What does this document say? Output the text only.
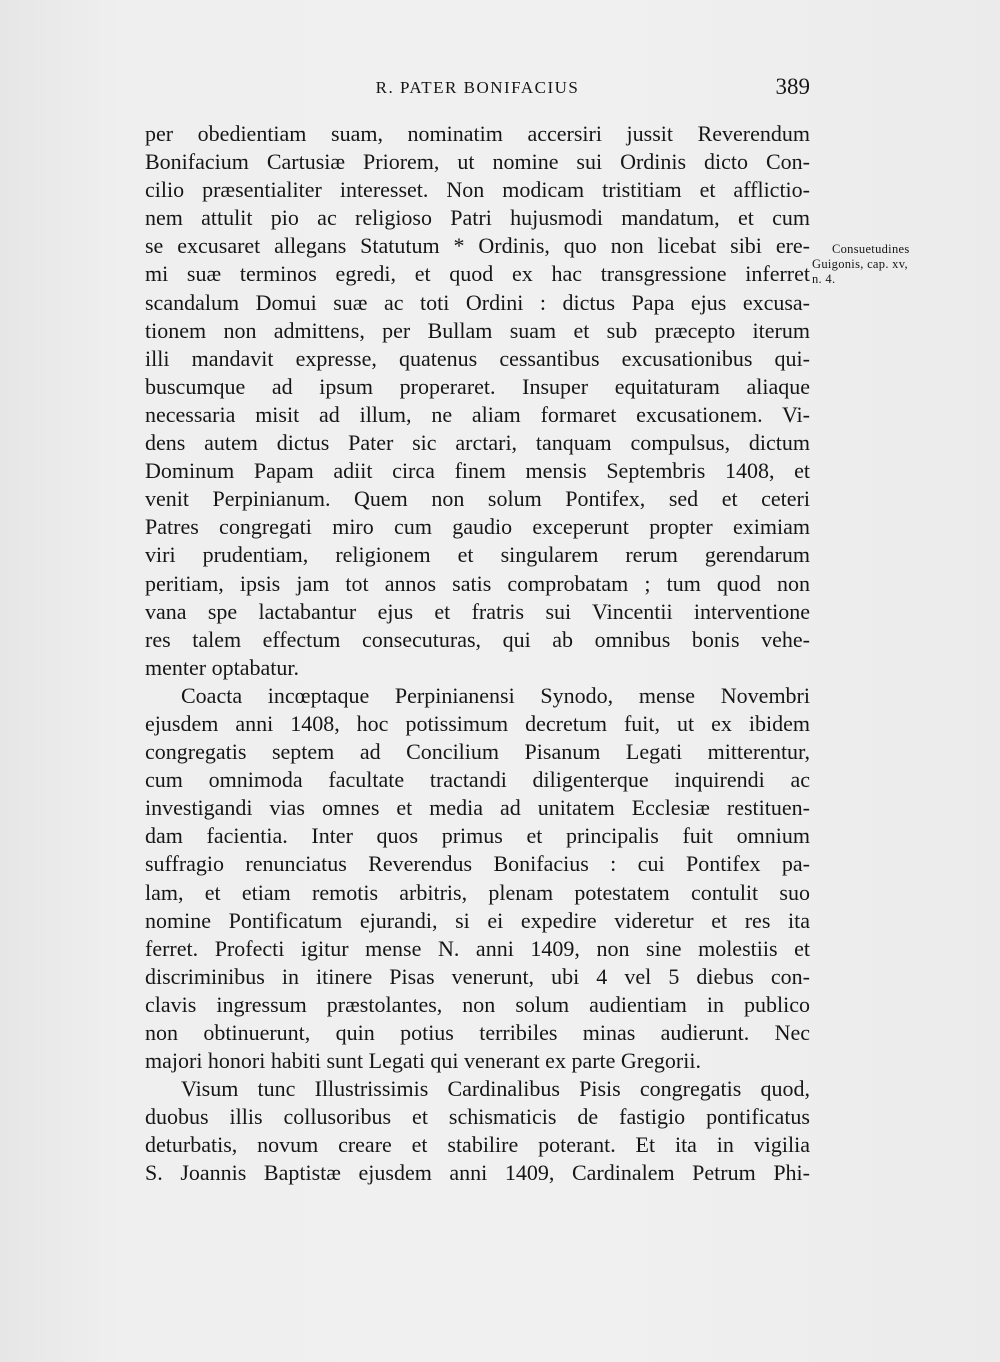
R. PATER BONIFACIUS	389
Consuetudines
Guigonis, cap. xv,
n. 4.
per obedientiam suam, nominatim accersiri jussit Reverendum
Bonifacium Cartusiæ Priorem, ut nomine sui Ordinis dicto Con-
cilio præsentialiter interesset. Non modicam tristitiam et afflictio-
nem attulit pio ac religioso Patri hujusmodi mandatum, et cum
se excusaret allegans Statutum * Ordinis, quo non licebat sibi ere-
mi suæ terminos egredi, et quod ex hac transgressione inferret
scandalum Domui suæ ac toti Ordini : dictus Papa ejus excusa-
tionem non admittens, per Bullam suam et sub præcepto iterum
illi mandavit expresse, quatenus cessantibus excusationibus qui-
buscumque ad ipsum properaret. Insuper equitaturam aliaque
necessaria misit ad illum, ne aliam formaret excusationem. Vi-
dens autem dictus Pater sic arctari, tanquam compulsus, dictum
Dominum Papam adiit circa finem mensis Septembris 1408, et
venit Perpinianum. Quem non solum Pontifex, sed et ceteri
Patres congregati miro cum gaudio exceperunt propter eximiam
viri prudentiam, religionem et singularem rerum gerendarum
peritiam, ipsis jam tot annos satis comprobatam ; tum quod non
vana spe lactabantur ejus et fratris sui Vincentii interventione
res talem effectum consecuturas, qui ab omnibus bonis vehe-
menter optabatur.
Coacta incœptaque Perpinianensi Synodo, mense Novembri
ejusdem anni 1408, hoc potissimum decretum fuit, ut ex ibidem
congregatis septem ad Concilium Pisanum Legati mitterentur,
cum omnimoda facultate tractandi diligenterque inquirendi ac
investigandi vias omnes et media ad unitatem Ecclesiæ restituen-
dam facientia. Inter quos primus et principalis fuit omnium
suffragio renunciatus Reverendus Bonifacius : cui Pontifex pa-
lam, et etiam remotis arbitris, plenam potestatem contulit suo
nomine Pontificatum ejurandi, si ei expedire videretur et res ita
ferret. Profecti igitur mense N. anni 1409, non sine molestiis et
discriminibus in itinere Pisas venerunt, ubi 4 vel 5 diebus con-
clavis ingressum præstolantes, non solum audientiam in publico
non obtinuerunt, quin potius terribiles minas audierunt. Nec
majori honori habiti sunt Legati qui venerant ex parte Gregorii.
Visum tunc Illustrissimis Cardinalibus Pisis congregatis quod,
duobus illis collusoribus et schismaticis de fastigio pontificatus
deturbatis, novum creare et stabilire poterant. Et ita in vigilia
S. Joannis Baptistæ ejusdem anni 1409, Cardinalem Petrum Phi-
